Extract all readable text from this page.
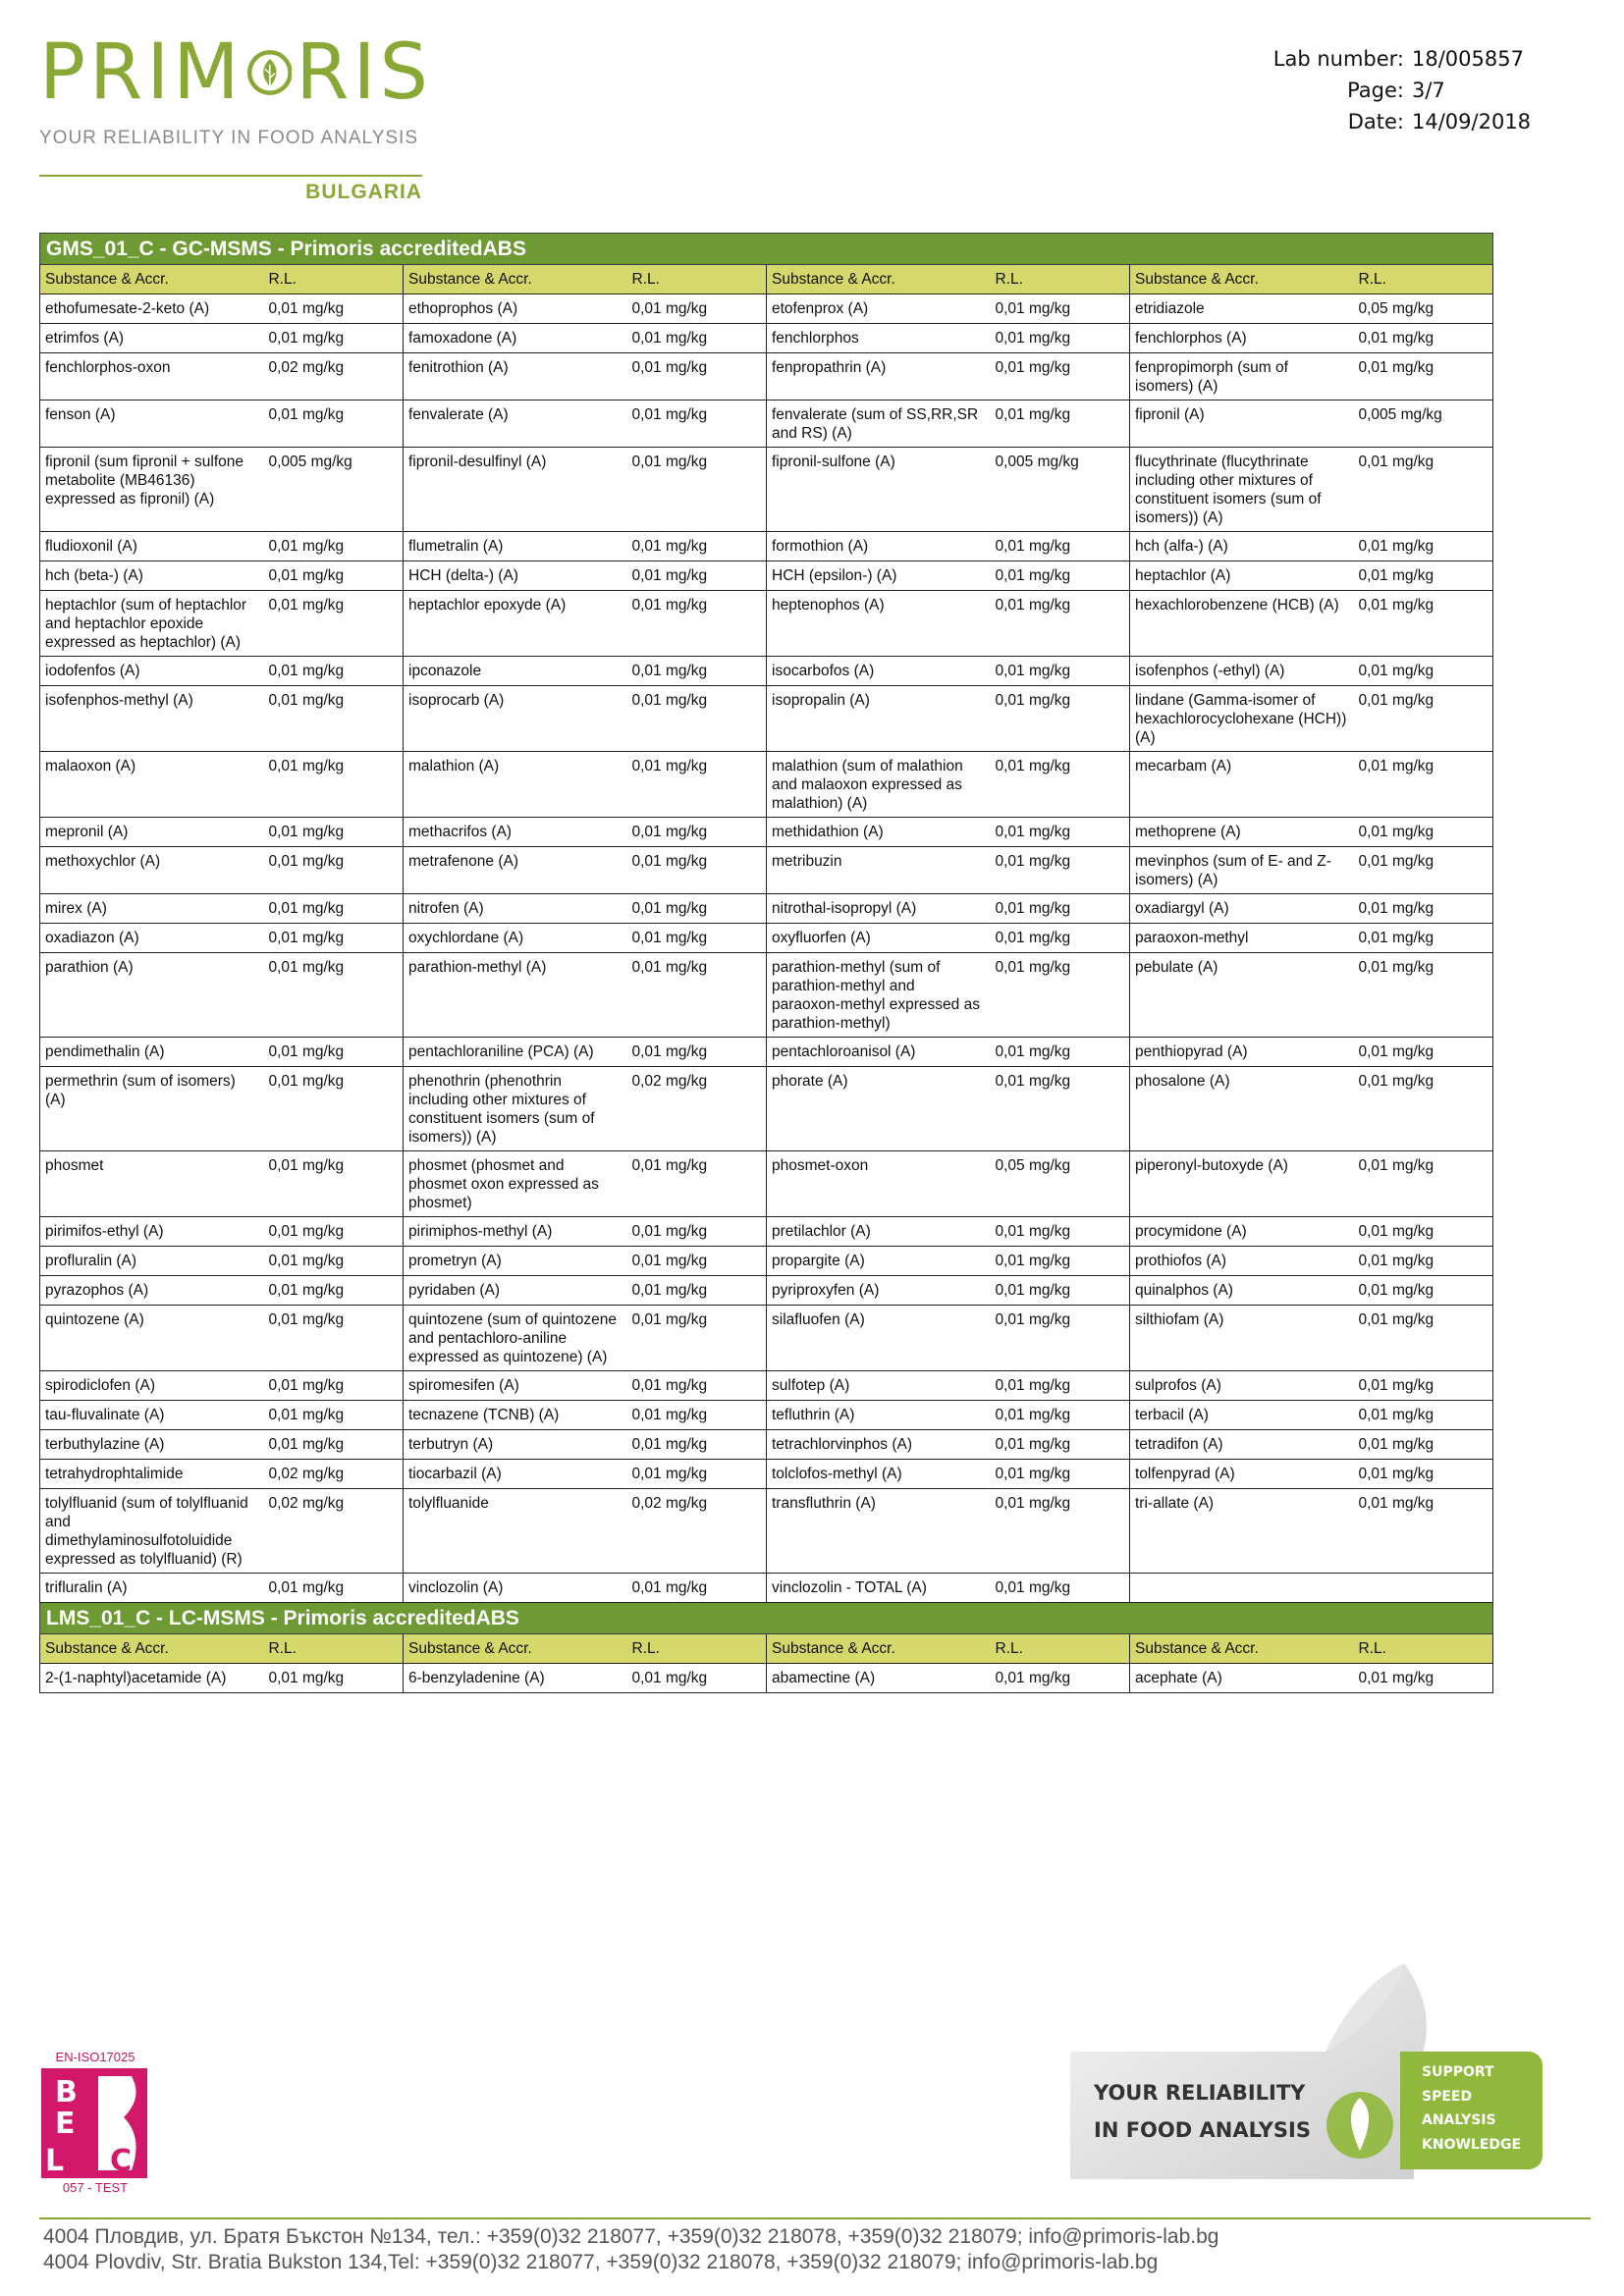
PRIM RIS
YOUR RELIABILITY IN FOOD ANALYSIS
BULGARIA
Lab number: 18/005857
Page: 3/7
Date: 14/09/2018
GMS_01_C - GC-MSMS - Primoris accreditedABS							
Substance & Accr.	R.L.	Substance & Accr.	R.L.	Substance & Accr.	R.L.	Substance & Accr.	R.L.
ethofumesate-2-keto (A)	0,01 mg/kg	ethoprophos (A)	0,01 mg/kg	etofenprox (A)	0,01 mg/kg	etridiazole	0,05 mg/kg
etrimfos (A)	0,01 mg/kg	famoxadone (A)	0,01 mg/kg	fenchlorphos	0,01 mg/kg	fenchlorphos (A)	0,01 mg/kg
fenchlorphos-oxon	0,02 mg/kg	fenitrothion (A)	0,01 mg/kg	fenpropathrin (A)	0,01 mg/kg	fenpropimorph (sum of isomers) (A)	0,01 mg/kg
fenson (A)	0,01 mg/kg	fenvalerate (A)	0,01 mg/kg	fenvalerate (sum of SS,RR,SR and RS) (A)	0,01 mg/kg	fipronil (A)	0,005 mg/kg
fipronil (sum fipronil + sulfone metabolite (MB46136) expressed as fipronil) (A)	0,005 mg/kg	fipronil-desulfinyl (A)	0,01 mg/kg	fipronil-sulfone (A)	0,005 mg/kg	flucythrinate (flucythrinate including other mixtures of constituent isomers (sum of isomers)) (A)	0,01 mg/kg
fludioxonil (A)	0,01 mg/kg	flumetralin (A)	0,01 mg/kg	formothion (A)	0,01 mg/kg	hch (alfa-) (A)	0,01 mg/kg
hch (beta-) (A)	0,01 mg/kg	HCH (delta-) (A)	0,01 mg/kg	HCH (epsilon-) (A)	0,01 mg/kg	heptachlor (A)	0,01 mg/kg
heptachlor (sum of heptachlor and heptachlor epoxide expressed as heptachlor) (A)	0,01 mg/kg	heptachlor epoxyde (A)	0,01 mg/kg	heptenophos (A)	0,01 mg/kg	hexachlorobenzene (HCB) (A)	0,01 mg/kg
iodofenfos (A)	0,01 mg/kg	ipconazole	0,01 mg/kg	isocarbofos (A)	0,01 mg/kg	isofenphos (-ethyl) (A)	0,01 mg/kg
isofenphos-methyl (A)	0,01 mg/kg	isoprocarb (A)	0,01 mg/kg	isopropalin (A)	0,01 mg/kg	lindane (Gamma-isomer of hexachlorocyclohexane (HCH)) (A)	0,01 mg/kg
malaoxon (A)	0,01 mg/kg	malathion (A)	0,01 mg/kg	malathion (sum of malathion and malaoxon expressed as malathion) (A)	0,01 mg/kg	mecarbam (A)	0,01 mg/kg
mepronil (A)	0,01 mg/kg	methacrifos (A)	0,01 mg/kg	methidathion (A)	0,01 mg/kg	methoprene (A)	0,01 mg/kg
methoxychlor (A)	0,01 mg/kg	metrafenone (A)	0,01 mg/kg	metribuzin	0,01 mg/kg	mevinphos (sum of E- and Z-isomers) (A)	0,01 mg/kg
mirex (A)	0,01 mg/kg	nitrofen (A)	0,01 mg/kg	nitrothal-isopropyl (A)	0,01 mg/kg	oxadiargyl (A)	0,01 mg/kg
oxadiazon (A)	0,01 mg/kg	oxychlordane (A)	0,01 mg/kg	oxyfluorfen (A)	0,01 mg/kg	paraoxon-methyl	0,01 mg/kg
parathion (A)	0,01 mg/kg	parathion-methyl (A)	0,01 mg/kg	parathion-methyl (sum of parathion-methyl and paraoxon-methyl expressed as parathion-methyl)	0,01 mg/kg	pebulate (A)	0,01 mg/kg
pendimethalin (A)	0,01 mg/kg	pentachloraniline (PCA) (A)	0,01 mg/kg	pentachloroanisol (A)	0,01 mg/kg	penthiopyrad (A)	0,01 mg/kg
permethrin (sum of isomers) (A)	0,01 mg/kg	phenothrin (phenothrin including other mixtures of constituent isomers (sum of isomers)) (A)	0,02 mg/kg	phorate (A)	0,01 mg/kg	phosalone (A)	0,01 mg/kg
phosmet	0,01 mg/kg	phosmet (phosmet and phosmet oxon expressed as phosmet)	0,01 mg/kg	phosmet-oxon	0,05 mg/kg	piperonyl-butoxyde (A)	0,01 mg/kg
pirimifos-ethyl (A)	0,01 mg/kg	pirimiphos-methyl (A)	0,01 mg/kg	pretilachlor (A)	0,01 mg/kg	procymidone (A)	0,01 mg/kg
profluralin (A)	0,01 mg/kg	prometryn (A)	0,01 mg/kg	propargite (A)	0,01 mg/kg	prothiofos (A)	0,01 mg/kg
pyrazophos (A)	0,01 mg/kg	pyridaben (A)	0,01 mg/kg	pyriproxyfen (A)	0,01 mg/kg	quinalphos (A)	0,01 mg/kg
quintozene (A)	0,01 mg/kg	quintozene (sum of quintozene and pentachloro-aniline expressed as quintozene) (A)	0,01 mg/kg	silafluofen (A)	0,01 mg/kg	silthiofam (A)	0,01 mg/kg
spirodiclofen (A)	0,01 mg/kg	spiromesifen (A)	0,01 mg/kg	sulfotep (A)	0,01 mg/kg	sulprofos (A)	0,01 mg/kg
tau-fluvalinate (A)	0,01 mg/kg	tecnazene (TCNB) (A)	0,01 mg/kg	tefluthrin (A)	0,01 mg/kg	terbacil (A)	0,01 mg/kg
terbuthylazine (A)	0,01 mg/kg	terbutryn (A)	0,01 mg/kg	tetrachlorvinphos (A)	0,01 mg/kg	tetradifon (A)	0,01 mg/kg
tetrahydrophtalimide	0,02 mg/kg	tiocarbazil (A)	0,01 mg/kg	tolclofos-methyl (A)	0,01 mg/kg	tolfenpyrad (A)	0,01 mg/kg
tolylfluanid (sum of tolylfluanid and dimethylaminosulfotoluidide expressed as tolylfluanid) (R)	0,02 mg/kg	tolylfluanide	0,02 mg/kg	transfluthrin (A)	0,01 mg/kg	tri-allate (A)	0,01 mg/kg
trifluralin (A)	0,01 mg/kg	vinclozolin (A)	0,01 mg/kg	vinclozolin - TOTAL (A)	0,01 mg/kg		
LMS_01_C - LC-MSMS - Primoris accreditedABS							
Substance & Accr.	R.L.	Substance & Accr.	R.L.	Substance & Accr.	R.L.	Substance & Accr.	R.L.
2-(1-naphtyl)acetamide (A)	0,01 mg/kg	6-benzyladenine (A)	0,01 mg/kg	abamectine (A)	0,01 mg/kg	acephate (A)	0,01 mg/kg
EN-ISO17025
B
E
L A C
057 - TEST
YOUR RELIABILITY
IN FOOD ANALYSIS
SUPPORT
SPEED
ANALYSIS
KNOWLEDGE
4004 Пловдив, ул. Братя Бъкстон №134, тел.: +359(0)32 218077, +359(0)32 218078, +359(0)32 218079; info@primoris-lab.bg
4004 Plovdiv, Str. Bratia Bukston 134,Tel: +359(0)32 218077, +359(0)32 218078, +359(0)32 218079; info@primoris-lab.bg
